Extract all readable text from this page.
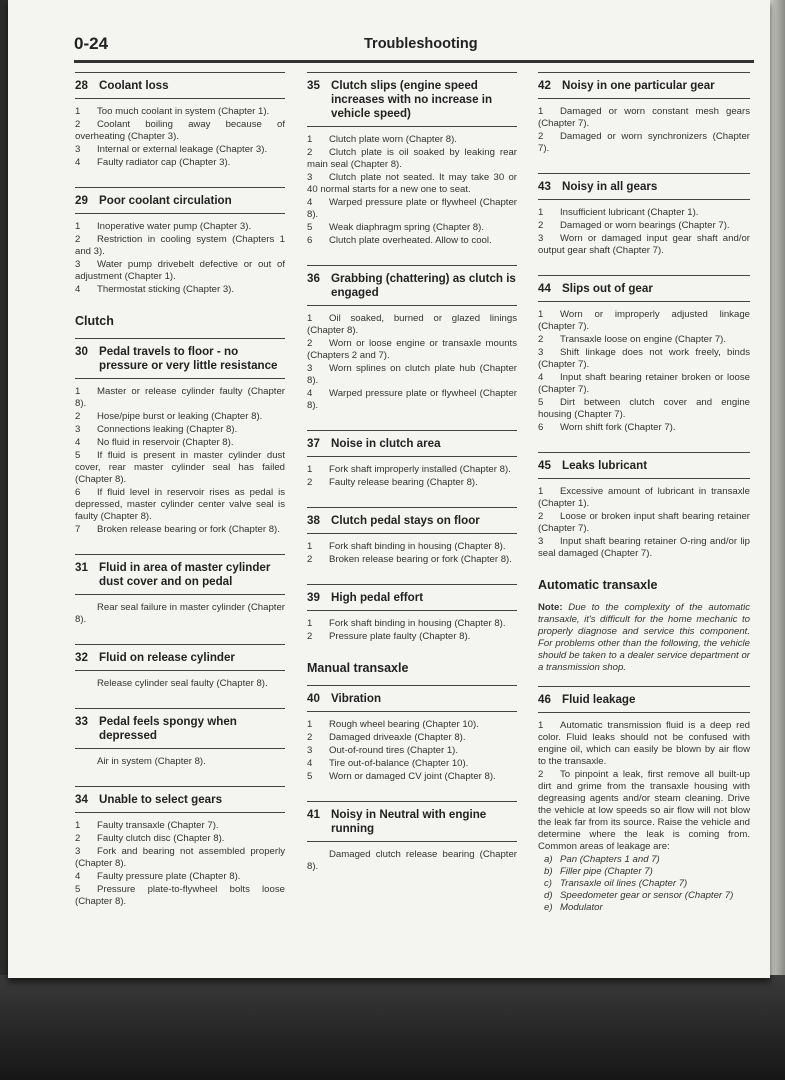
0-24	Troubleshooting
28 Coolant loss
1 Too much coolant in system (Chapter 1).
2 Coolant boiling away because of overheating (Chapter 3).
3 Internal or external leakage (Chapter 3).
4 Faulty radiator cap (Chapter 3).
29 Poor coolant circulation
1 Inoperative water pump (Chapter 3).
2 Restriction in cooling system (Chapters 1 and 3).
3 Water pump drivebelt defective or out of adjustment (Chapter 1).
4 Thermostat sticking (Chapter 3).
Clutch
30 Pedal travels to floor - no pressure or very little resistance
1 Master or release cylinder faulty (Chapter 8).
2 Hose/pipe burst or leaking (Chapter 8).
3 Connections leaking (Chapter 8).
4 No fluid in reservoir (Chapter 8).
5 If fluid is present in master cylinder dust cover, rear master cylinder seal has failed (Chapter 8).
6 If fluid level in reservoir rises as pedal is depressed, master cylinder center valve seal is faulty (Chapter 8).
7 Broken release bearing or fork (Chapter 8).
31 Fluid in area of master cylinder dust cover and on pedal
Rear seal failure in master cylinder (Chapter 8).
32 Fluid on release cylinder
Release cylinder seal faulty (Chapter 8).
33 Pedal feels spongy when depressed
Air in system (Chapter 8).
34 Unable to select gears
1 Faulty transaxle (Chapter 7).
2 Faulty clutch disc (Chapter 8).
3 Fork and bearing not assembled properly (Chapter 8).
4 Faulty pressure plate (Chapter 8).
5 Pressure plate-to-flywheel bolts loose (Chapter 8).
35 Clutch slips (engine speed increases with no increase in vehicle speed)
1 Clutch plate worn (Chapter 8).
2 Clutch plate is oil soaked by leaking rear main seal (Chapter 8).
3 Clutch plate not seated. It may take 30 or 40 normal starts for a new one to seat.
4 Warped pressure plate or flywheel (Chapter 8).
5 Weak diaphragm spring (Chapter 8).
6 Clutch plate overheated. Allow to cool.
36 Grabbing (chattering) as clutch is engaged
1 Oil soaked, burned or glazed linings (Chapter 8).
2 Worn or loose engine or transaxle mounts (Chapters 2 and 7).
3 Worn splines on clutch plate hub (Chapter 8).
4 Warped pressure plate or flywheel (Chapter 8).
37 Noise in clutch area
1 Fork shaft improperly installed (Chapter 8).
2 Faulty release bearing (Chapter 8).
38 Clutch pedal stays on floor
1 Fork shaft binding in housing (Chapter 8).
2 Broken release bearing or fork (Chapter 8).
39 High pedal effort
1 Fork shaft binding in housing (Chapter 8).
2 Pressure plate faulty (Chapter 8).
Manual transaxle
40 Vibration
1 Rough wheel bearing (Chapter 10).
2 Damaged driveaxle (Chapter 8).
3 Out-of-round tires (Chapter 1).
4 Tire out-of-balance (Chapter 10).
5 Worn or damaged CV joint (Chapter 8).
41 Noisy in Neutral with engine running
Damaged clutch release bearing (Chapter 8).
42 Noisy in one particular gear
1 Damaged or worn constant mesh gears (Chapter 7).
2 Damaged or worn synchronizers (Chapter 7).
43 Noisy in all gears
1 Insufficient lubricant (Chapter 1).
2 Damaged or worn bearings (Chapter 7).
3 Worn or damaged input gear shaft and/or output gear shaft (Chapter 7).
44 Slips out of gear
1 Worn or improperly adjusted linkage (Chapter 7).
2 Transaxle loose on engine (Chapter 7).
3 Shift linkage does not work freely, binds (Chapter 7).
4 Input shaft bearing retainer broken or loose (Chapter 7).
5 Dirt between clutch cover and engine housing (Chapter 7).
6 Worn shift fork (Chapter 7).
45 Leaks lubricant
1 Excessive amount of lubricant in transaxle (Chapter 1).
2 Loose or broken input shaft bearing retainer (Chapter 7).
3 Input shaft bearing retainer O-ring and/or lip seal damaged (Chapter 7).
Automatic transaxle
Note: Due to the complexity of the automatic transaxle, it's difficult for the home mechanic to properly diagnose and service this component. For problems other than the following, the vehicle should be taken to a dealer service department or a transmission shop.
46 Fluid leakage
1 Automatic transmission fluid is a deep red color. Fluid leaks should not be confused with engine oil, which can easily be blown by air flow to the transaxle.
2 To pinpoint a leak, first remove all built-up dirt and grime from the transaxle housing with degreasing agents and/or steam cleaning. Drive the vehicle at low speeds so air flow will not blow the leak far from its source. Raise the vehicle and determine where the leak is coming from. Common areas of leakage are:
a) Pan (Chapters 1 and 7)
b) Filler pipe (Chapter 7)
c) Transaxle oil lines (Chapter 7)
d) Speedometer gear or sensor (Chapter 7)
e) Modulator
